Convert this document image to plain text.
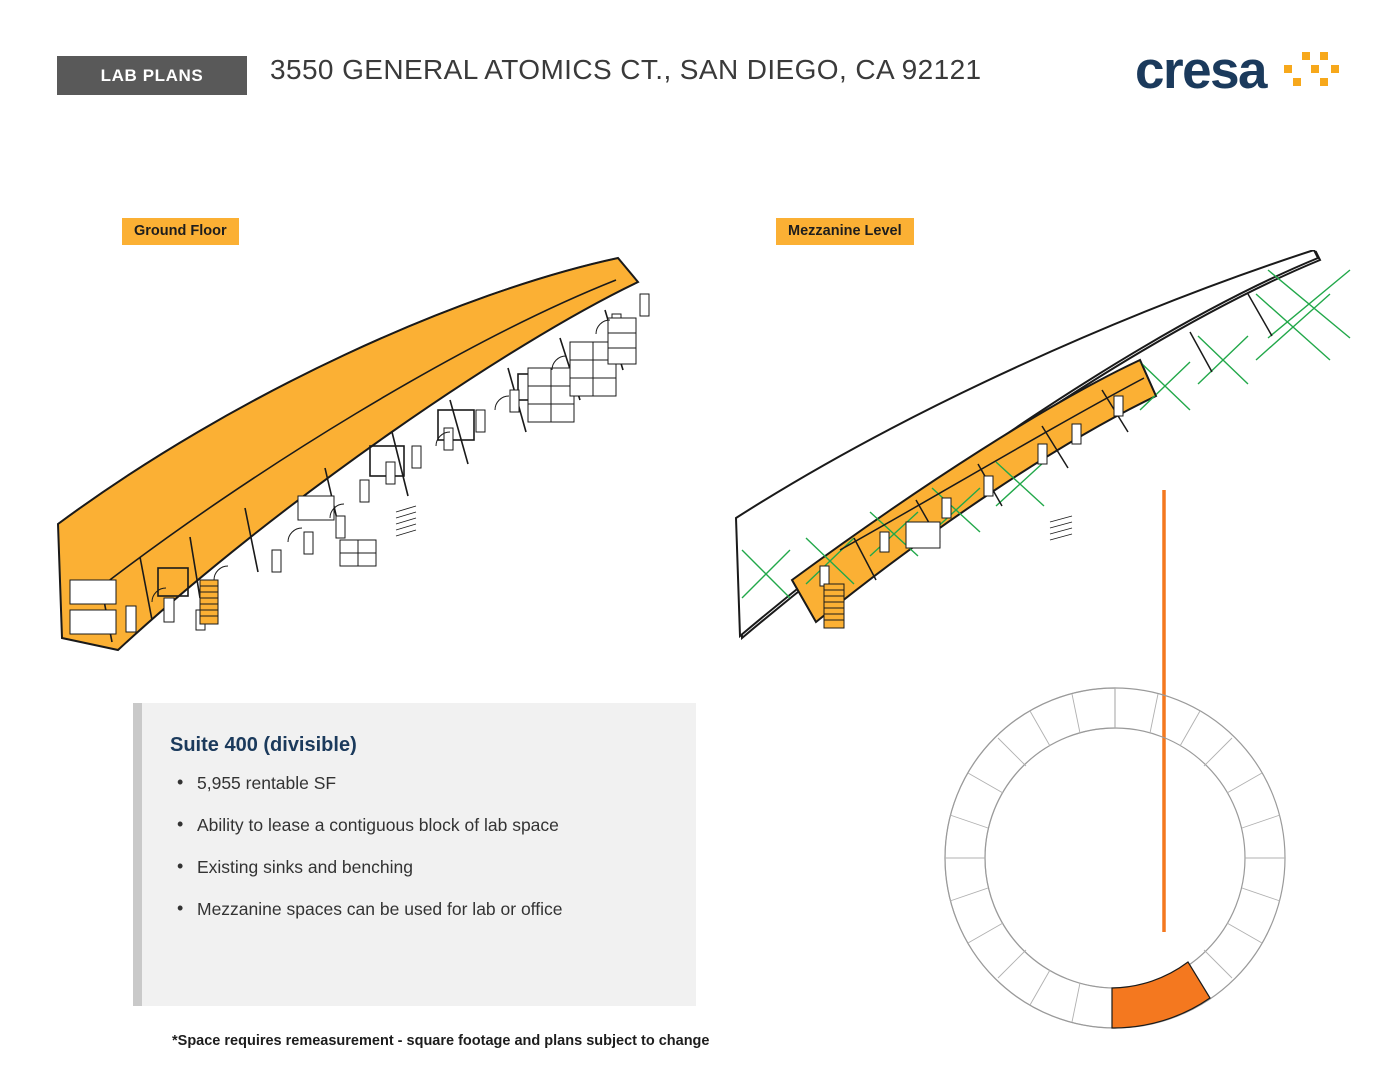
LAB PLANS	3550 GENERAL ATOMICS CT., SAN DIEGO, CA 92121	cresa
Ground Floor	Mezzanine Level
Suite 400 (divisible)
• 5,955 rentable SF
• Ability to lease a contiguous block of lab space
• Existing sinks and benching
• Mezzanine spaces can be used for lab or office
*Space requires remeasurement - square footage and plans subject to change
